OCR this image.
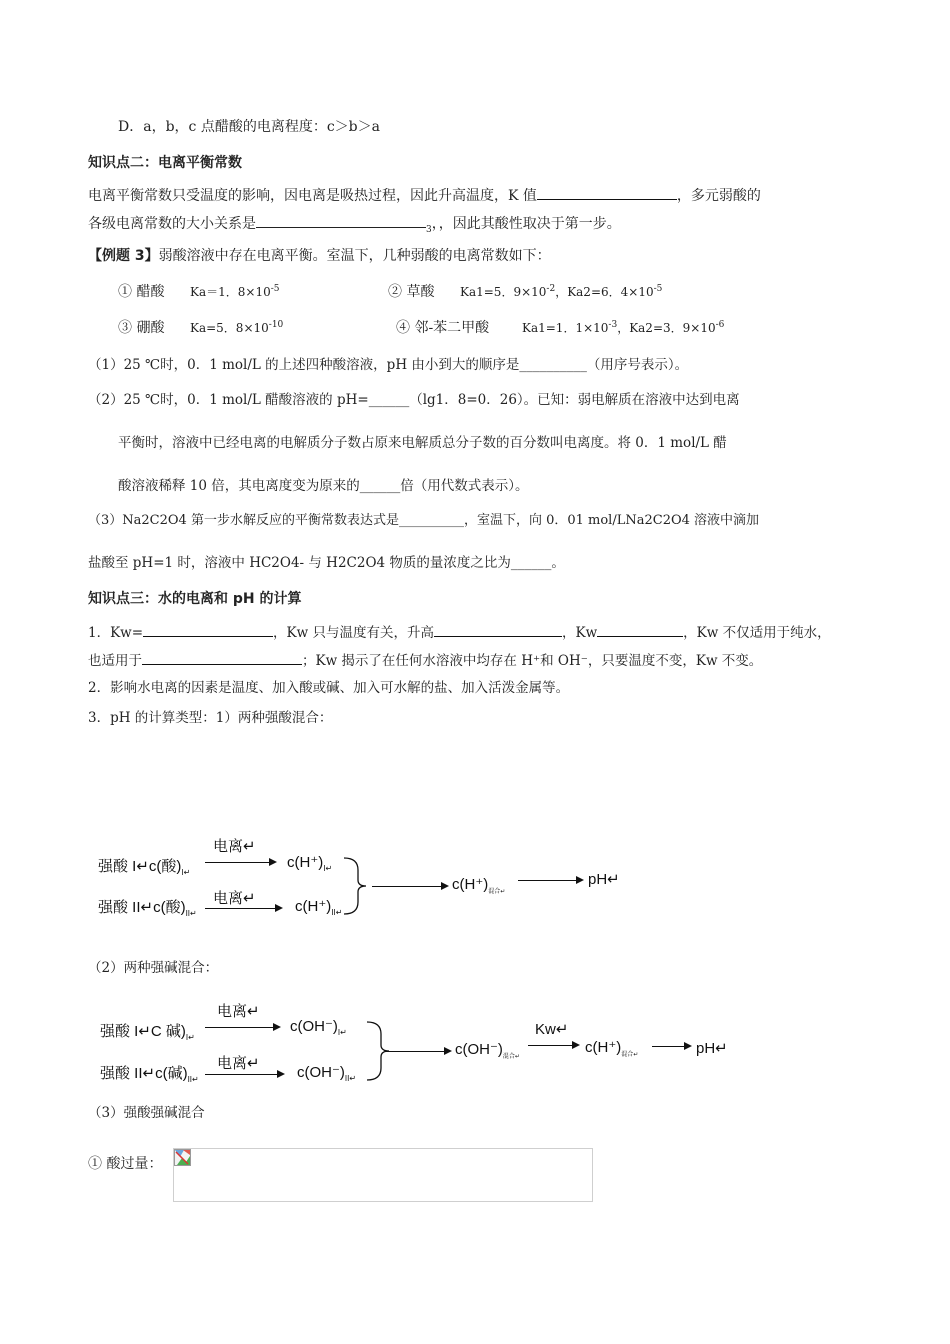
D．a，b，c 点醋酸的电离程度：c＞b＞a
知识点二：电离平衡常数
电离平衡常数只受温度的影响，因电离是吸热过程，因此升高温度，K 值	，多元弱酸的
各级电离常数的大小关系是	$_3$，，因此其酸性取决于第一步。
【例题 3】弱酸溶液中存在电离平衡。室温下，几种弱酸的电离常数如下：
① 醋酸 Ka＝1．$8\times 10^{-5}$	② 草酸 Ka1=5．$9\times 10^{-2}$，Ka2=6．$4\times 10^{-5}$
③ 硼酸 Ka=5．$8\times 10^{-10}$	④ 邻-苯二甲酸	Ka1=1．$1\times 10^{-3}$，Ka2=3．$9\times 10^{-6}$
（1）25 ℃时，0．1 mol/L 的上述四种酸溶液，pH 由小到大的顺序是__________（用序号表示）。
（2）25 ℃时，0．1 mol/L 醋酸溶液的 pH=______（lg1．8=0．26）。已知：弱电解质在溶液中达到电离
平衡时，溶液中已经电离的电解质分子数占原来电解质总分子数的百分数叫电离度。将 0．1 mol/L 醋
酸溶液稀释 10 倍，其电离度变为原来的______倍（用代数式表示）。
（3）Na2C2O4 第一步水解反应的平衡常数表达式是__________，室温下，向 0．01 mol/LNa2C2O4 溶液中滴加
盐酸至 pH=1 时，溶液中 HC2O4- 与 H2C2O4 物质的量浓度之比为______。
知识点三：水的电离和 pH 的计算
1．Kw=	，Kw 只与温度有关，升高	，Kw	，Kw 不仅适用于纯水，
也适用于	；Kw 揭示了在任何水溶液中均存在 H⁺和 OH⁻，只要温度不变，Kw 不变。
2．影响水电离的因素是温度、加入酸或碱、加入可水解的盐、加入活泼金属等。
3．pH 的计算类型：1）两种强酸混合：
强酸 I↵c(酸)$_{I↵}$
电离↵
$c(H^+)_{I↵}$
强酸 II↵c(酸)$_{II↵}$
电离↵	$c(H^+)_{II↵}$
$c(H^+)_{混合↵}$
pH↵
（2）两种强碱混合：
强酸 I↵C 碱)$_{I↵}$
电离↵
$c(OH^-)_{I↵}$
强酸 II↵c(碱)$_{II↵}$
电离↵
$c(OH^-)_{II↵}$
$c(OH^-)_{混合↵}$
Kw↵
$c(H^+)_{混合↵}$	pH↵
（3）强酸强碱混合
① 酸过量：
